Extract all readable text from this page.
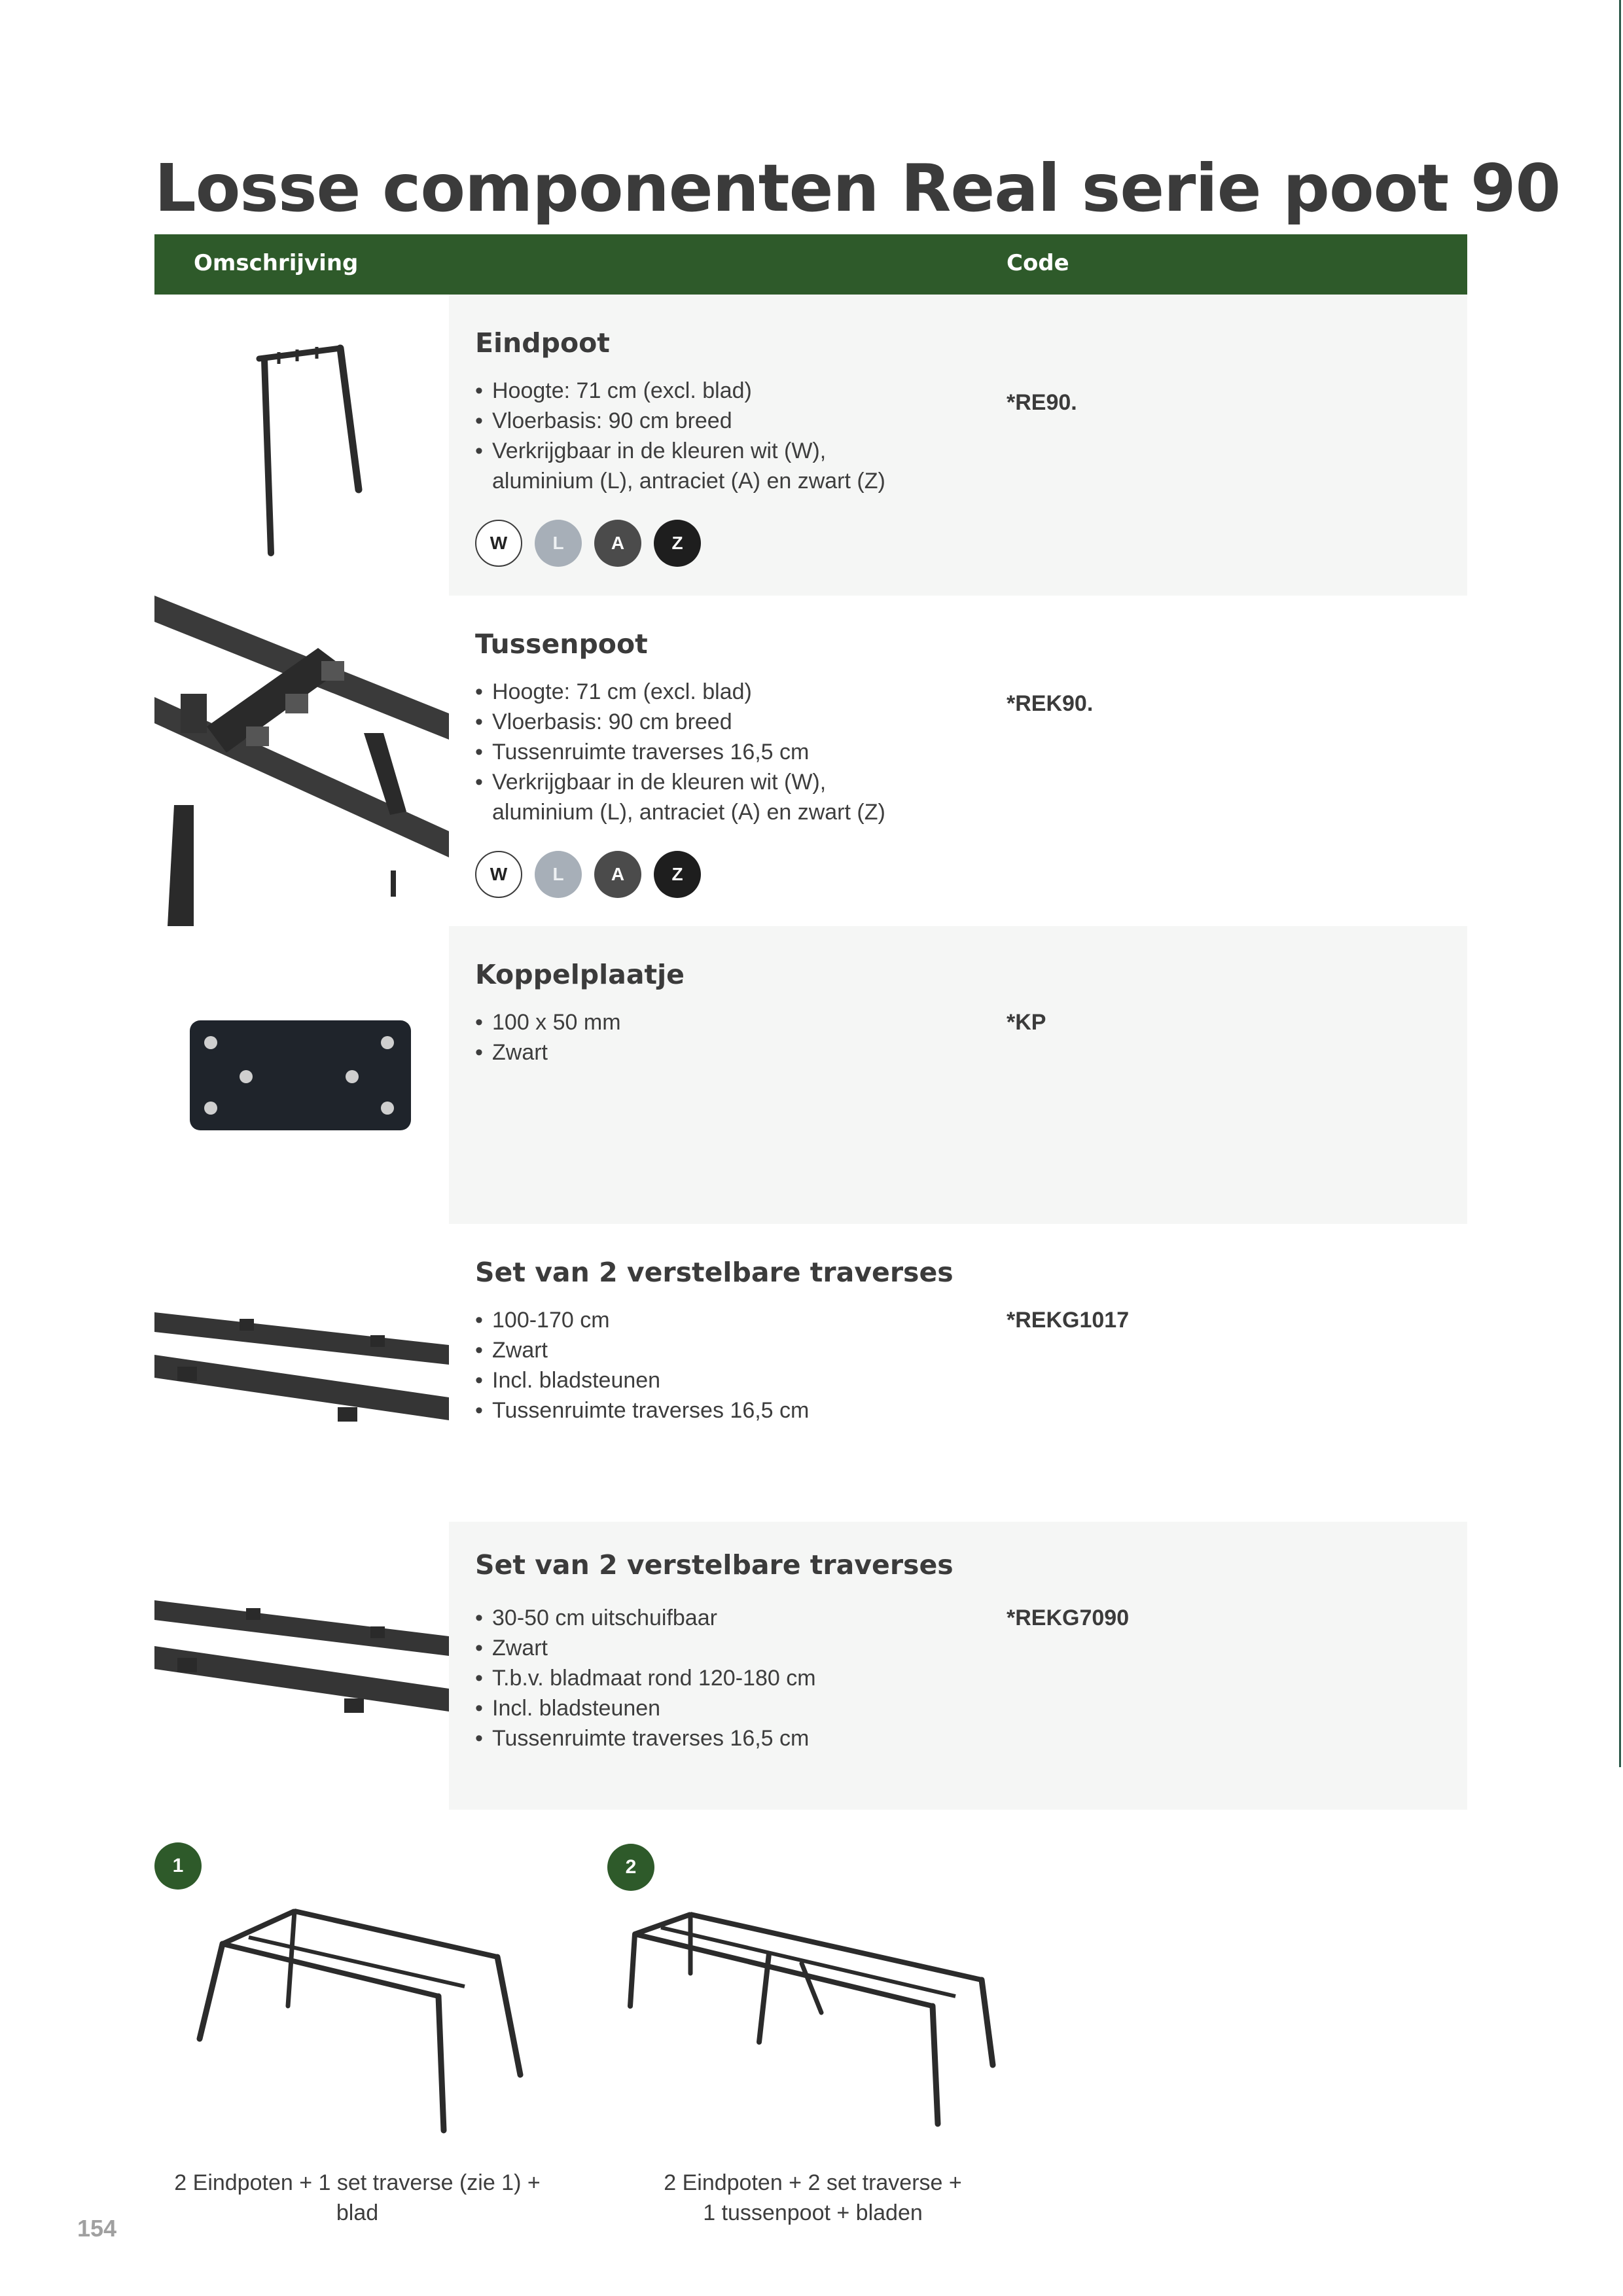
Losse componenten Real serie poot 90
Omschrijving	Code
Eindpoot
• Hoogte: 71 cm (excl. blad)
• Vloerbasis: 90 cm breed
• Verkrijgbaar in de kleuren wit (W),
aluminium (L), antraciet (A) en zwart (Z)
*RE90.
W	L	A	Z
Tussenpoot
• Hoogte: 71 cm (excl. blad)
• Vloerbasis: 90 cm breed
• Tussenruimte traverses 16,5 cm
• Verkrijgbaar in de kleuren wit (W),
aluminium (L), antraciet (A) en zwart (Z)
*REK90.
W	L	A	Z
Koppelplaatje
• 100 x 50 mm
• Zwart
*KP
Set van 2 verstelbare traverses
• 100-170 cm
• Zwart
• Incl. bladsteunen
• Tussenruimte traverses 16,5 cm
*REKG1017
Set van 2 verstelbare traverses
• 30-50 cm uitschuifbaar
• Zwart
• T.b.v. bladmaat rond 120-180 cm
• Incl. bladsteunen
• Tussenruimte traverses 16,5 cm
*REKG7090
1
2 Eindpoten + 1 set traverse (zie 1) +
blad
2
2 Eindpoten + 2 set traverse +
1 tussenpoot + bladen
154
